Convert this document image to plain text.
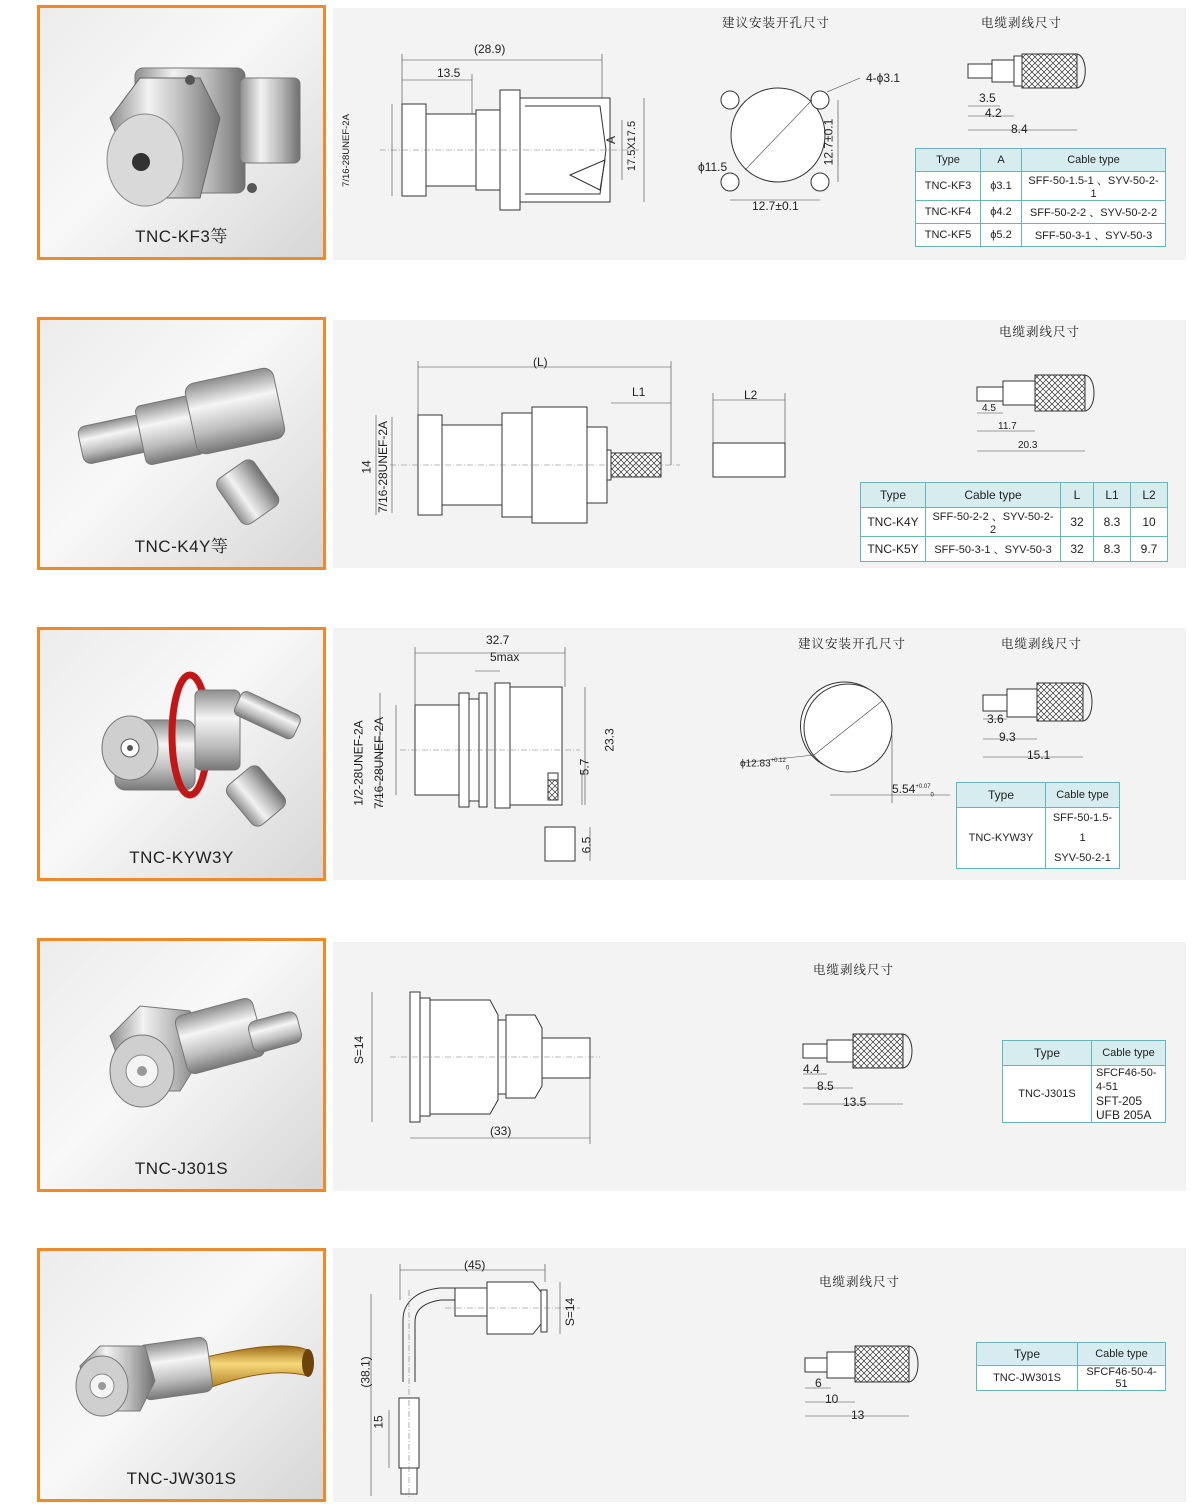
TNC-KF3等
(28.9)
13.5
7/16-28UNEF-2A	A 17.5X17.5
建议安装开孔尺寸
4-ϕ3.1
ϕ11.5
12.7±0.1
12.7±0.1
电缆剥线尺寸
3.5
4.2
8.4
Type	A	Cable type
TNC-KF3	ϕ3.1	SFF-50-1.5-1 、SYV-50-2-1
TNC-KF4	ϕ4.2	SFF-50-2-2 、SYV-50-2-2
TNC-KF5	ϕ5.2	SFF-50-3-1 、SYV-50-3
TNC-K4Y等
(L)
L1
14 7/16-28UNEF-2A
L2
电缆剥线尺寸
4.5
11.7
20.3
Type	Cable type	L	L1	L2
TNC-K4Y	SFF-50-2-2 、SYV-50-2-2	32	8.3	10
TNC-K5Y	SFF-50-3-1 、SYV-50-3	32	8.3	9.7
TNC-KYW3Y
32.7
5max
1/2-28UNEF-2A 7/16-28UNEF-2A	23.3
5.7
6.5
建议安装开孔尺寸
$\phi 12.83^{+0.12}_0$
$5.54^{+0.07}_0$
电缆剥线尺寸
3.6
9.3
15.1
Type	Cable type
TNC-KYW3Y	SFF-50-1.5-1
SYV-50-2-1
TNC-J301S
S=14
(33)
电缆剥线尺寸
4.4
8.5
13.5
Type	Cable type
TNC-J301S	SFCF46-50-4-51
SFT-205
UFB 205A
TNC-JW301S
(45)
S=14
(38.1)
15
电缆剥线尺寸
6
10
13
Type	Cable type
TNC-JW301S	SFCF46-50-4-51
